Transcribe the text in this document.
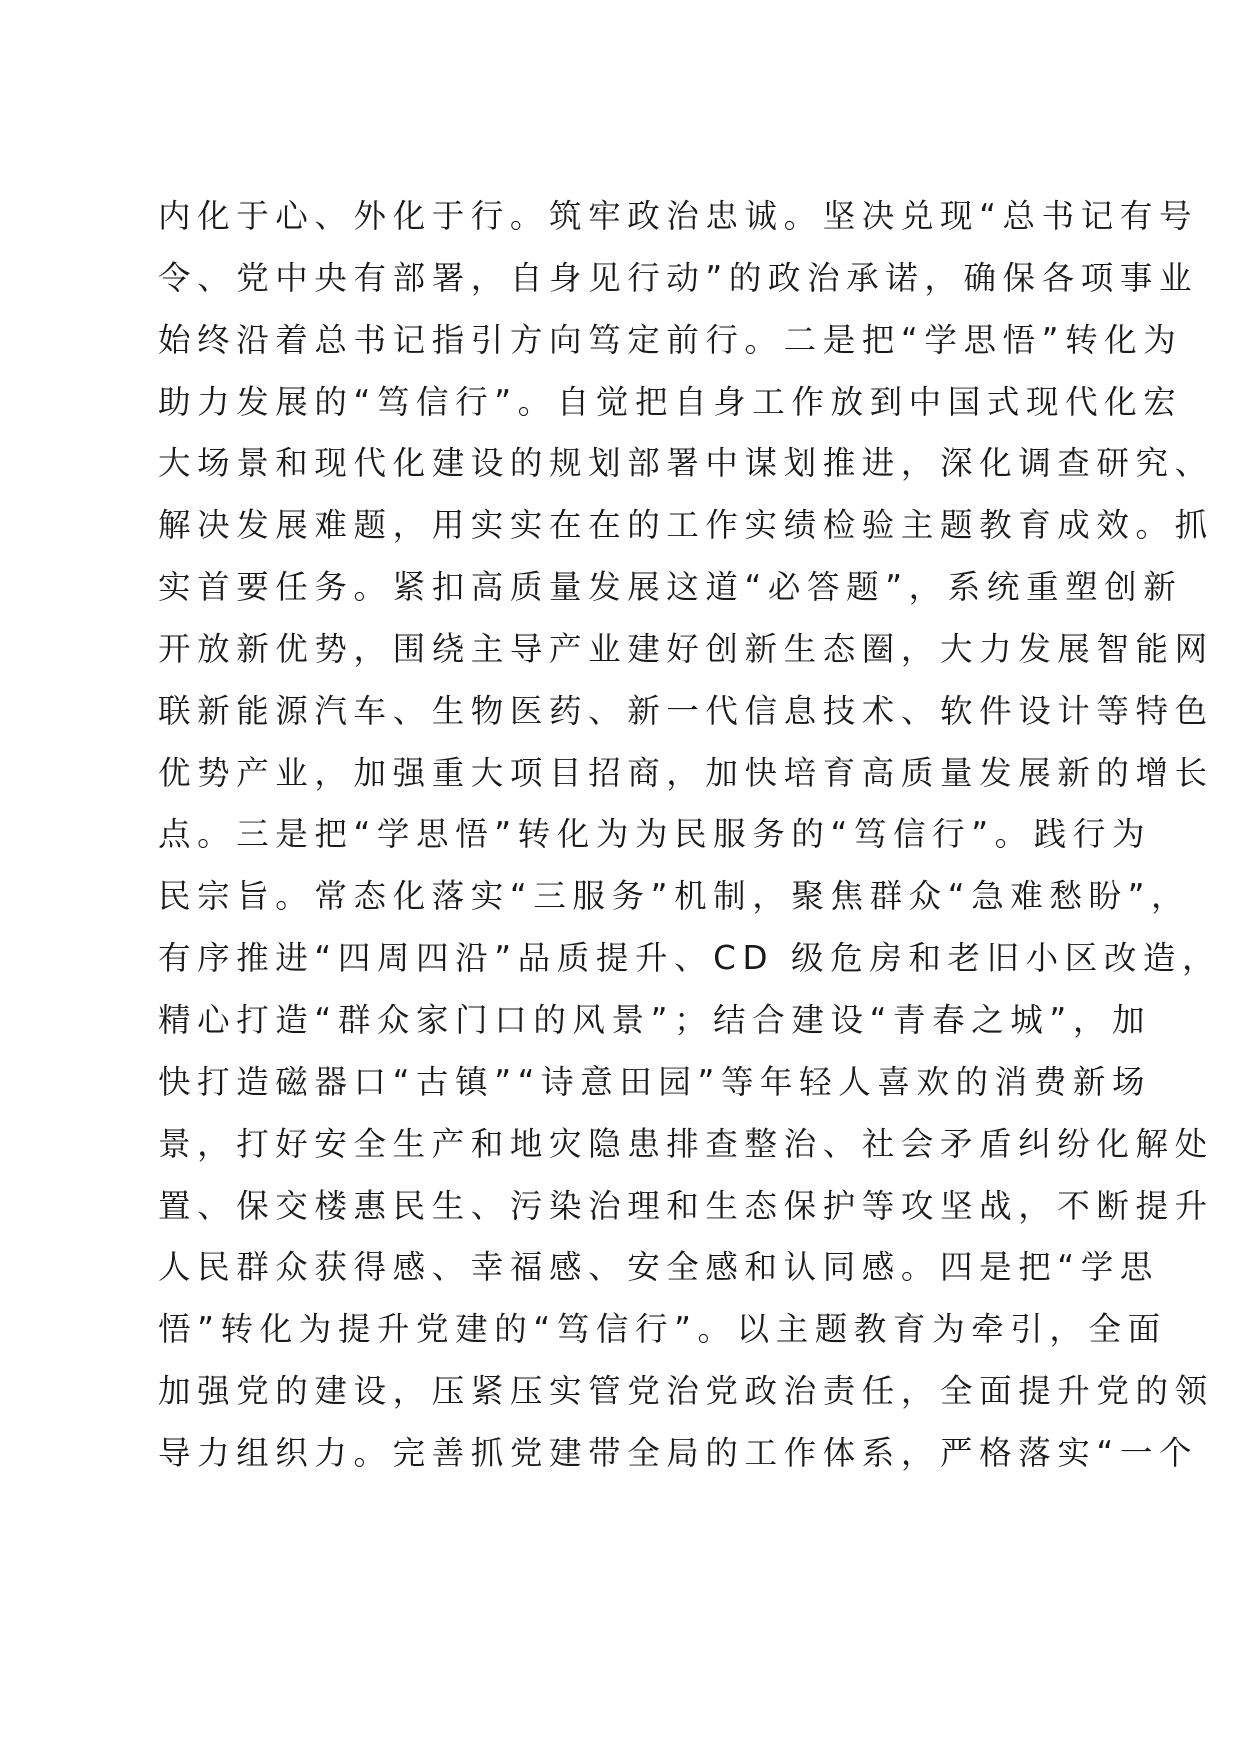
内化于心、外化于行。筑牢政治忠诚。坚决兑现“总书记有号
令、党中央有部署，自身见行动”的政治承诺，确保各项事业
始终沿着总书记指引方向笃定前行。二是把“学思悟”转化为
助力发展的“笃信行”。自觉把自身工作放到中国式现代化宏
大场景和现代化建设的规划部署中谋划推进，深化调查研究、
解决发展难题，用实实在在的工作实绩检验主题教育成效。抓
实首要任务。紧扣高质量发展这道“必答题”，系统重塑创新
开放新优势，围绕主导产业建好创新生态圈，大力发展智能网
联新能源汽车、生物医药、新一代信息技术、软件设计等特色
优势产业，加强重大项目招商，加快培育高质量发展新的增长
点。三是把“学思悟”转化为为民服务的“笃信行”。践行为
民宗旨。常态化落实“三服务”机制，聚焦群众“急难愁盼”，
有序推进“四周四沿”品质提升、CD 级危房和老旧小区改造，
精心打造“群众家门口的风景”；结合建设“青春之城”，加
快打造磁器口“古镇”“诗意田园”等年轻人喜欢的消费新场
景，打好安全生产和地灾隐患排查整治、社会矛盾纠纷化解处
置、保交楼惠民生、污染治理和生态保护等攻坚战，不断提升
人民群众获得感、幸福感、安全感和认同感。四是把“学思
悟”转化为提升党建的“笃信行”。以主题教育为牵引，全面
加强党的建设，压紧压实管党治党政治责任，全面提升党的领
导力组织力。完善抓党建带全局的工作体系，严格落实“一个
